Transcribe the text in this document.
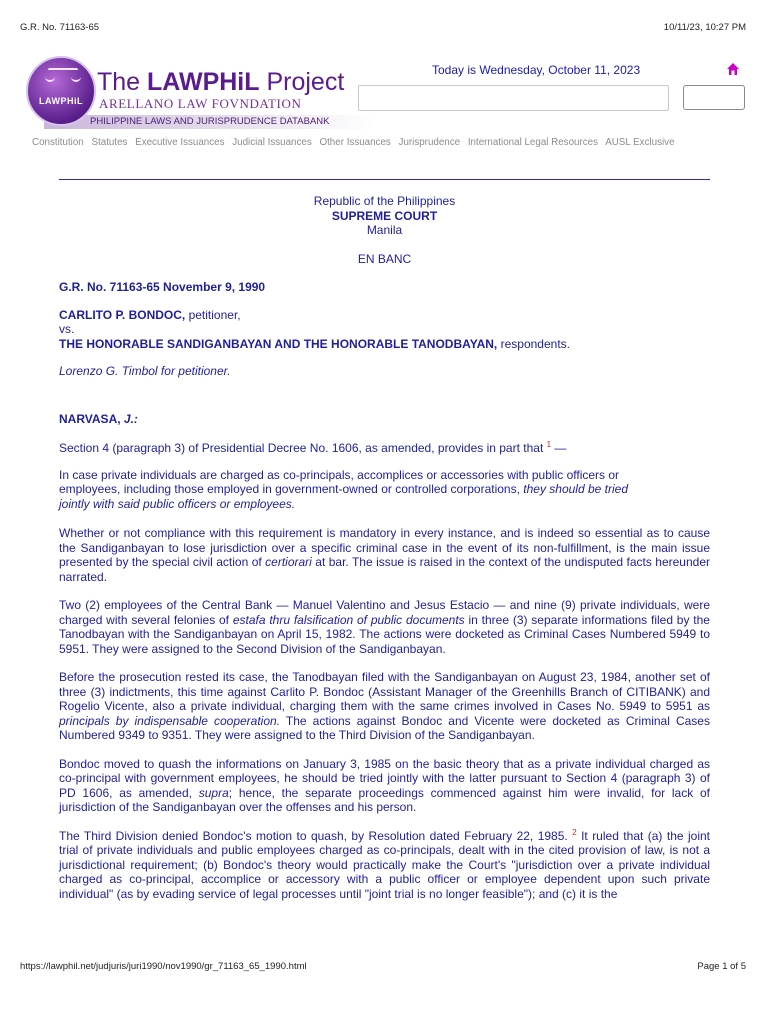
G.R. No. 71163-65	10/11/23, 10:27 PM
PHILIPPINE LAWS AND JURISPRUDENCE DATABANK
LAWPHiL
The LAWPHiL Project
ARELLANO LAW FOVNDATION
Today is Wednesday, October 11, 2023
Constitution Statutes Executive Issuances Judicial Issuances Other Issuances Jurisprudence International Legal Resources AUSL Exclusive
Republic of the Philippines
SUPREME COURT
Manila
EN BANC

G.R. No. 71163-65 November 9, 1990

CARLITO P. BONDOC, petitioner,

vs.

THE HONORABLE SANDIGANBAYAN AND THE HONORABLE TANODBAYAN, respondents.

Lorenzo G. Timbol for petitioner.

NARVASA, J.:

Section 4 (paragraph 3) of Presidential Decree No. 1606, as amended, provides in part that $^1$ —

In case private individuals are charged as co-principals, accomplices or accessories with public officers or employees, including those employed in government-owned or controlled corporations, they should be tried jointly with said public officers or employees.

Whether or not compliance with this requirement is mandatory in every instance, and is indeed so essential as to cause the Sandiganbayan to lose jurisdiction over a specific criminal case in the event of its non-fulfillment, is the main issue presented by the special civil action of certiorari at bar. The issue is raised in the context of the undisputed facts hereunder narrated.

Two (2) employees of the Central Bank — Manuel Valentino and Jesus Estacio — and nine (9) private individuals, were charged with several felonies of estafa thru falsification of public documents in three (3) separate informations filed by the Tanodbayan with the Sandiganbayan on April 15, 1982. The actions were docketed as Criminal Cases Numbered 5949 to 5951. They were assigned to the Second Division of the Sandiganbayan.

Before the prosecution rested its case, the Tanodbayan filed with the Sandiganbayan on August 23, 1984, another set of three (3) indictments, this time against Carlito P. Bondoc (Assistant Manager of the Greenhills Branch of CITIBANK) and Rogelio Vicente, also a private individual, charging them with the same crimes involved in Cases No. 5949 to 5951 as principals by indispensable cooperation. The actions against Bondoc and Vicente were docketed as Criminal Cases Numbered 9349 to 9351. They were assigned to the Third Division of the Sandiganbayan.

Bondoc moved to quash the informations on January 3, 1985 on the basic theory that as a private individual charged as co-principal with government employees, he should be tried jointly with the latter pursuant to Section 4 (paragraph 3) of PD 1606, as amended, supra; hence, the separate proceedings commenced against him were invalid, for lack of jurisdiction of the Sandiganbayan over the offenses and his person.

The Third Division denied Bondoc's motion to quash, by Resolution dated February 22, 1985. $^2$ It ruled that (a) the joint trial of private individuals and public employees charged as co-principals, dealt with in the cited provision of law, is not a jurisdictional requirement; (b) Bondoc's theory would practically make the Court's "jurisdiction over a private individual charged as co-principal, accomplice or accessory with a public officer or employee dependent upon such private individual" (as by evading service of legal processes until "joint trial is no longer feasible"); and (c) it is the

https://lawphil.net/judjuris/juri1990/nov1990/gr_71163_65_1990.html	Page 1 of 5
